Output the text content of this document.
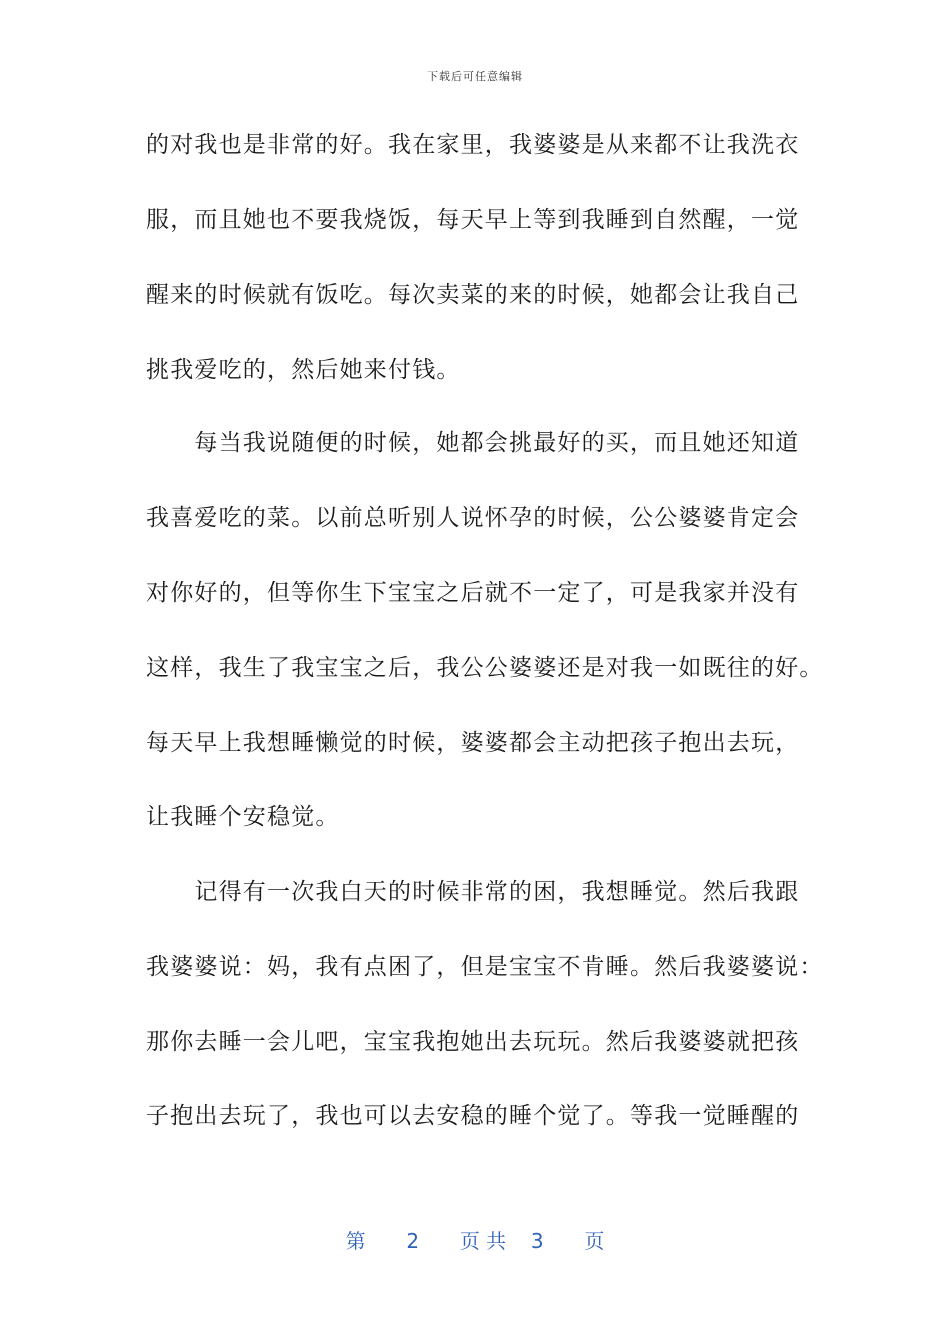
下载后可任意编辑
的对我也是非常的好。我在家里，我婆婆是从来都不让我洗衣
服，而且她也不要我烧饭，每天早上等到我睡到自然醒，一觉
醒来的时候就有饭吃。每次卖菜的来的时候，她都会让我自己
挑我爱吃的，然后她来付钱。
　　每当我说随便的时候，她都会挑最好的买，而且她还知道
我喜爱吃的菜。以前总听别人说怀孕的时候，公公婆婆肯定会
对你好的，但等你生下宝宝之后就不一定了，可是我家并没有
这样，我生了我宝宝之后，我公公婆婆还是对我一如既往的好。
每天早上我想睡懒觉的时候，婆婆都会主动把孩子抱出去玩，
让我睡个安稳觉。
　　记得有一次我白天的时候非常的困，我想睡觉。然后我跟
我婆婆说：妈，我有点困了，但是宝宝不肯睡。然后我婆婆说：
那你去睡一会儿吧，宝宝我抱她出去玩玩。然后我婆婆就把孩
子抱出去玩了，我也可以去安稳的睡个觉了。等我一觉睡醒的
第 2 页 共 3 页
